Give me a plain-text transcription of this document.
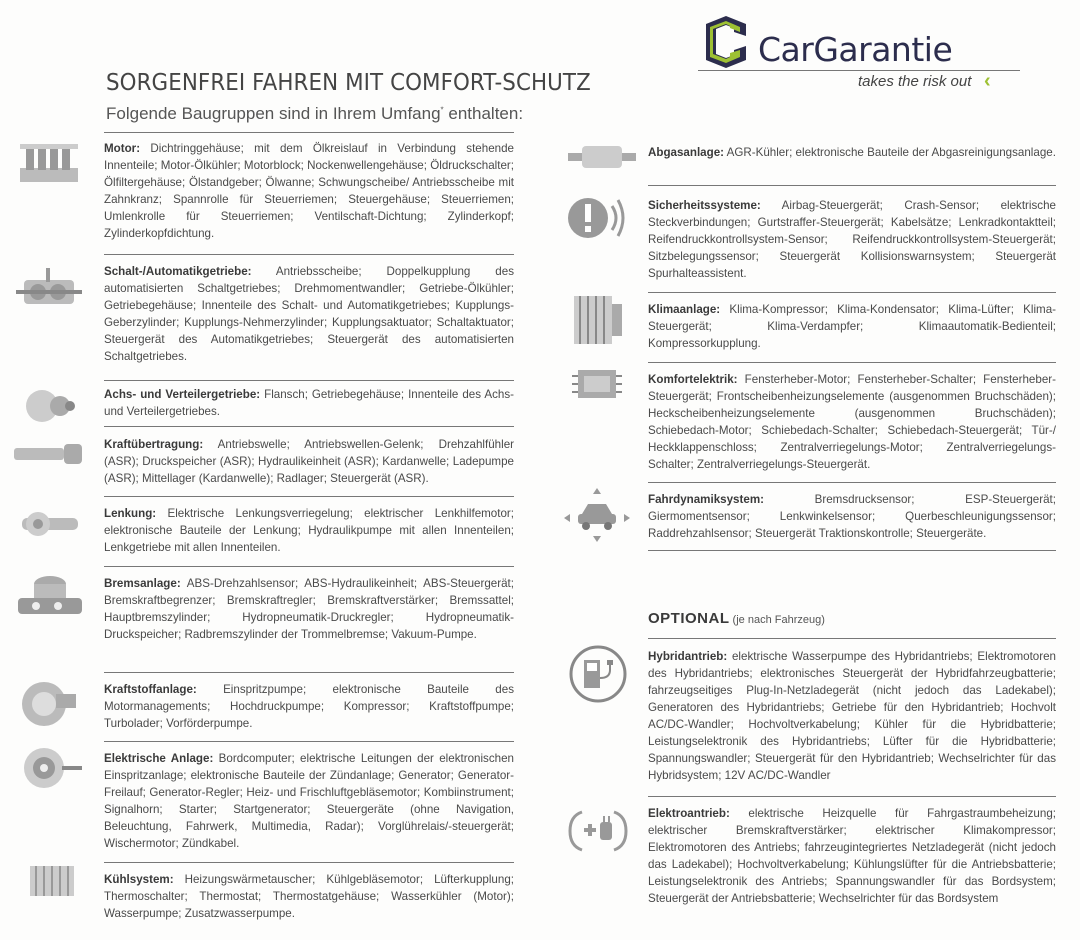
CarGarantie
takes the risk out ‹
SORGENFREI FAHREN MIT COMFORT-SCHUTZ
Folgende Baugruppen sind in Ihrem Umfang* enthalten:
Motor: Dichtringgehäuse; mit dem Ölkreislauf in Verbindung stehende Innenteile; Motor-Ölkühler; Motorblock; Nockenwellengehäuse; Öldruckschalter; Ölfiltergehäuse; Ölstandgeber; Ölwanne; Schwungscheibe/ Antriebsscheibe mit Zahnkranz; Spannrolle für Steuerriemen; Steuergehäuse; Steuerriemen; Umlenkrolle für Steuerriemen; Ventilschaft-Dichtung; Zylinderkopf; Zylinderkopfdichtung.
Schalt-/Automatikgetriebe: Antriebsscheibe; Doppelkupplung des automatisierten Schaltgetriebes; Drehmomentwandler; Getriebe-Ölkühler; Getriebegehäuse; Innenteile des Schalt- und Automatikgetriebes; Kupplungs-Geberzylinder; Kupplungs-Nehmerzylinder; Kupplungsaktuator; Schaltaktuator; Steuergerät des Automatikgetriebes; Steuergerät des automatisierten Schaltgetriebes.
Achs- und Verteilergetriebe: Flansch; Getriebegehäuse; Innenteile des Achs- und Verteilergetriebes.
Kraftübertragung: Antriebswelle; Antriebswellen-Gelenk; Drehzahlfühler (ASR); Druckspeicher (ASR); Hydraulikeinheit (ASR); Kardanwelle; Ladepumpe (ASR); Mittellager (Kardanwelle); Radlager; Steuergerät (ASR).
Lenkung: Elektrische Lenkungsverriegelung; elektrischer Lenkhilfemotor; elektronische Bauteile der Lenkung; Hydraulikpumpe mit allen Innenteilen; Lenkgetriebe mit allen Innenteilen.
Bremsanlage: ABS-Drehzahlsensor; ABS-Hydraulikeinheit; ABS-Steuergerät; Bremskraftbegrenzer; Bremskraftregler; Bremskraftverstärker; Bremssattel; Hauptbremszylinder; Hydropneumatik-Druckregler; Hydropneumatik-Druckspeicher; Radbremszylinder der Trommelbremse; Vakuum-Pumpe.
Kraftstoffanlage: Einspritzpumpe; elektronische Bauteile des Motormanagements; Hochdruckpumpe; Kompressor; Kraftstoffpumpe; Turbolader; Vorförderpumpe.
Elektrische Anlage: Bordcomputer; elektrische Leitungen der elektronischen Einspritzanlage; elektronische Bauteile der Zündanlage; Generator; Generator-Freilauf; Generator-Regler; Heiz- und Frischluftgebläsemotor; Kombiinstrument; Signalhorn; Starter; Startgenerator; Steuergeräte (ohne Navigation, Beleuchtung, Fahrwerk, Multimedia, Radar); Vorglührelais/-steuergerät; Wischermotor; Zündkabel.
Kühlsystem: Heizungswärmetauscher; Kühlgebläsemotor; Lüfterkupplung; Thermoschalter; Thermostat; Thermostatgehäuse; Wasserkühler (Motor); Wasserpumpe; Zusatzwasserpumpe.
Abgasanlage: AGR-Kühler; elektronische Bauteile der Abgasreinigungsanlage.
Sicherheitssysteme: Airbag-Steuergerät; Crash-Sensor; elektrische Steckverbindungen; Gurtstraffer-Steuergerät; Kabelsätze; Lenkradkontaktteil; Reifendruckkontrollsystem-Sensor; Reifendruckkontrollsystem-Steuergerät; Sitzbelegungssensor; Steuergerät Kollisionswarnsystem; Steuergerät Spurhalteassistent.
Klimaanlage: Klima-Kompressor; Klima-Kondensator; Klima-Lüfter; Klima-Steuergerät; Klima-Verdampfer; Klimaautomatik-Bedienteil; Kompressorkupplung.
Komfortelektrik: Fensterheber-Motor; Fensterheber-Schalter; Fensterheber-Steuergerät; Frontscheibenheizungselemente (ausgenommen Bruchschäden); Heckscheibenheizungselemente (ausgenommen Bruchschäden); Schiebedach-Motor; Schiebedach-Schalter; Schiebedach-Steuergerät; Tür-/ Heckklappenschloss; Zentralverriegelungs-Motor; Zentralverriegelungs-Schalter; Zentralverriegelungs-Steuergerät.
Fahrdynamiksystem: Bremsdrucksensor; ESP-Steuergerät; Giermomentsensor; Lenkwinkelsensor; Querbeschleunigungssensor; Raddrehzahlsensor; Steuergerät Traktionskontrolle; Steuergeräte.
OPTIONAL (je nach Fahrzeug)
Hybridantrieb: elektrische Wasserpumpe des Hybridantriebs; Elektromotoren des Hybridantriebs; elektronisches Steuergerät der Hybridfahrzeugbatterie; fahrzeugseitiges Plug-In-Netzladegerät (nicht jedoch das Ladekabel); Generatoren des Hybridantriebs; Getriebe für den Hybridantrieb; Hochvolt AC/DC-Wandler; Hochvoltverkabelung; Kühler für die Hybridbatterie; Leistungselektronik des Hybridantriebs; Lüfter für die Hybridbatterie; Spannungswandler; Steuergerät für den Hybridantrieb; Wechselrichter für das Hybridsystem; 12V AC/DC-Wandler
Elektroantrieb: elektrische Heizquelle für Fahrgastraumbeheizung; elektrischer Bremskraftverstärker; elektrischer Klimakompressor; Elektromotoren des Antriebs; fahrzeugintegriertes Netzladegerät (nicht jedoch das Ladekabel); Hochvoltverkabelung; Kühlungslüfter für die Antriebsbatterie; Leistungselektronik des Antriebs; Spannungswandler für das Bordsystem; Steuergerät der Antriebsbatterie; Wechselrichter für das Bordsystem
